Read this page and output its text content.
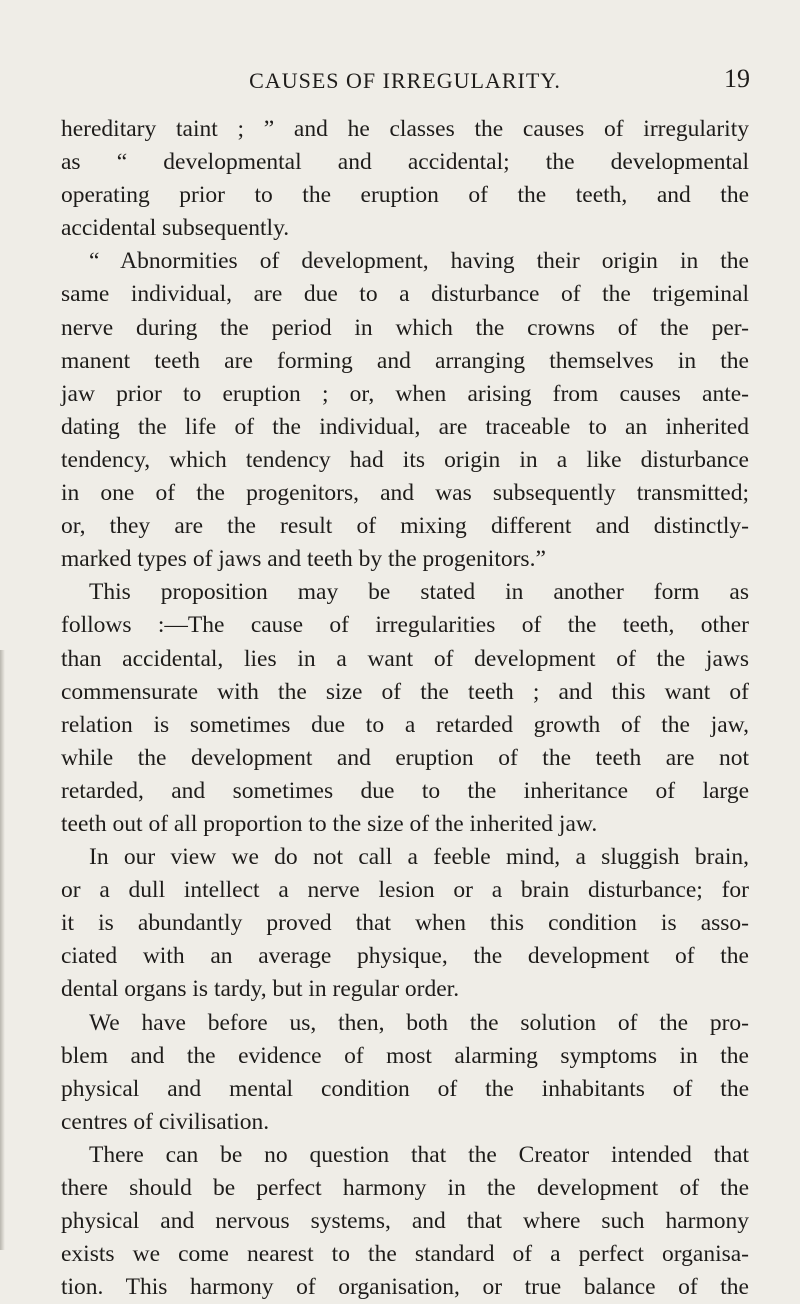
CAUSES OF IRREGULARITY.	19
hereditary taint ; ” and he classes the causes of irregularity
as “ developmental and accidental; the developmental
operating prior to the eruption of the teeth, and the
accidental subsequently.
“ Abnormities of development, having their origin in the
same individual, are due to a disturbance of the trigeminal
nerve during the period in which the crowns of the per-
manent teeth are forming and arranging themselves in the
jaw prior to eruption ; or, when arising from causes ante-
dating the life of the individual, are traceable to an inherited
tendency, which tendency had its origin in a like disturbance
in one of the progenitors, and was subsequently transmitted;
or, they are the result of mixing different and distinctly-
marked types of jaws and teeth by the progenitors.”
This proposition may be stated in another form as
follows :—The cause of irregularities of the teeth, other
than accidental, lies in a want of development of the jaws
commensurate with the size of the teeth ; and this want of
relation is sometimes due to a retarded growth of the jaw,
while the development and eruption of the teeth are not
retarded, and sometimes due to the inheritance of large
teeth out of all proportion to the size of the inherited jaw.
In our view we do not call a feeble mind, a sluggish brain,
or a dull intellect a nerve lesion or a brain disturbance; for
it is abundantly proved that when this condition is asso-
ciated with an average physique, the development of the
dental organs is tardy, but in regular order.
We have before us, then, both the solution of the pro-
blem and the evidence of most alarming symptoms in the
physical and mental condition of the inhabitants of the
centres of civilisation.
There can be no question that the Creator intended that
there should be perfect harmony in the development of the
physical and nervous systems, and that where such harmony
exists we come nearest to the standard of a perfect organisa-
tion. This harmony of organisation, or true balance of the
